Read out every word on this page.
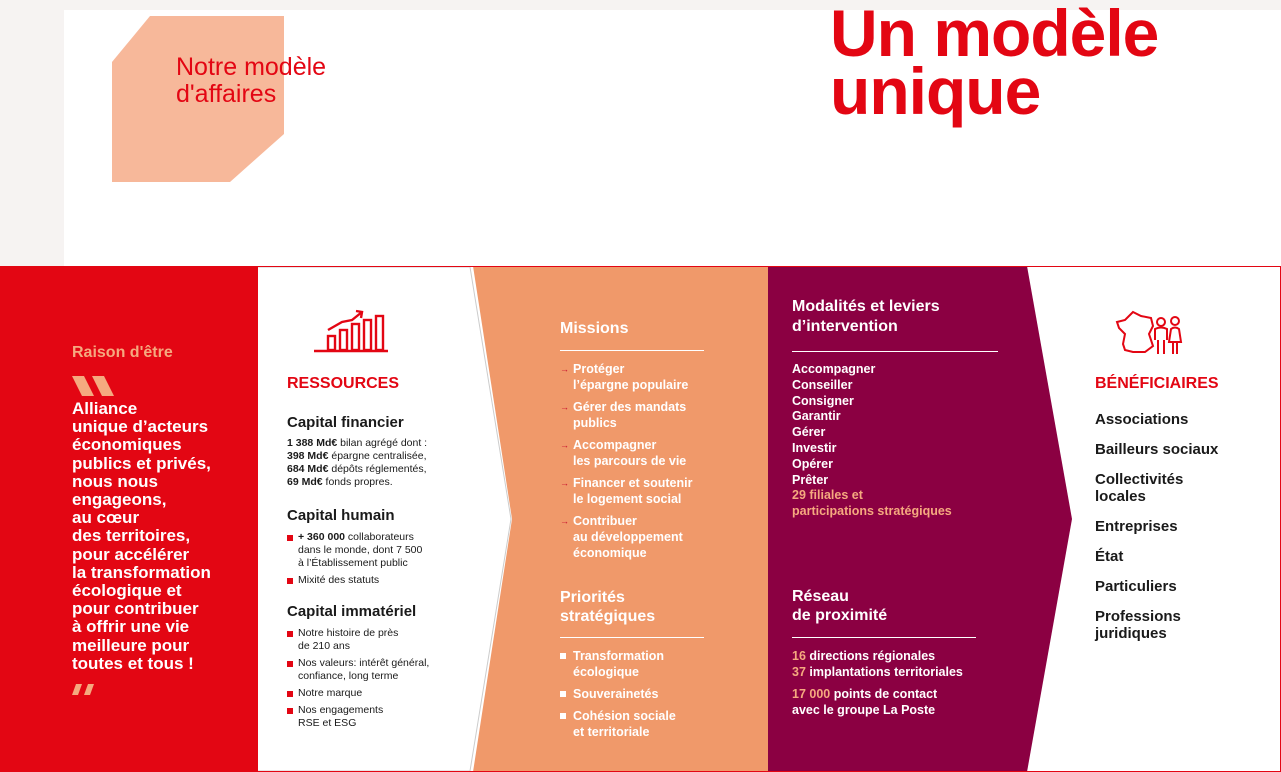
Notre modèle
d'affaires
Un modèle
unique
Raison d'être
Alliance
unique d’acteurs
économiques
publics et privés,
nous nous
engageons,
au cœur
des territoires,
pour accélérer
la transformation
écologique et
pour contribuer
à offrir une vie
meilleure pour
toutes et tous !
RESSOURCES
Capital financier
1 388 Md€ bilan agrégé dont :
398 Md€ épargne centralisée,
684 Md€ dépôts réglementés,
69 Md€ fonds propres.
Capital humain
+ 360 000 collaborateurs
dans le monde, dont 7 500
à l’Établissement public
Mixité des statuts
Capital immatériel
Notre histoire de près
de 210 ans
Nos valeurs: intérêt général,
confiance, long terme
Notre marque
Nos engagements
RSE et ESG
Missions
→ Protéger
l’épargne populaire
→ Gérer des mandats
publics
→ Accompagner
les parcours de vie
→ Financer et soutenir
le logement social
→ Contribuer
au développement
économique
Priorités
stratégiques
Transformation
écologique
Souverainetés
Cohésion sociale
et territoriale
Modalités et leviers
d’intervention
Accompagner
Conseiller
Consigner
Garantir
Gérer
Investir
Opérer
Prêter
29 filiales et
participations stratégiques
Réseau
de proximité
16 directions régionales
37 implantations territoriales
17 000 points de contact
avec le groupe La Poste
BÉNÉFICIAIRES
Associations
Bailleurs sociaux
Collectivités
locales
Entreprises
État
Particuliers
Professions
juridiques
